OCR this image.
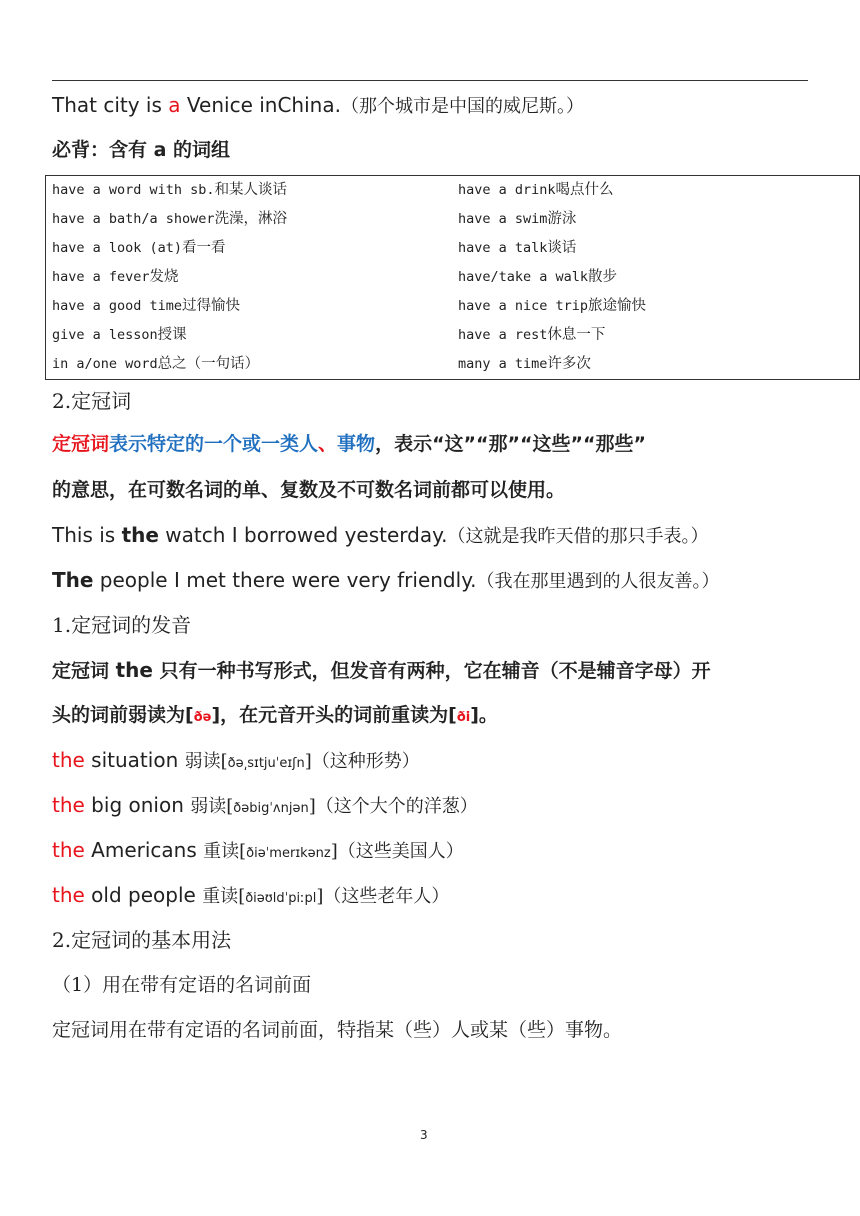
That city is a Venice inChina.（那个城市是中国的威尼斯。）
必背：含有 a 的词组
have a word with sb.和某人谈话	have a drink喝点什么
have a bath/a shower洗澡，淋浴	have a swim游泳
have a look (at)看一看	have a talk谈话
have a fever发烧	have/take a walk散步
have a good time过得愉快	have a nice trip旅途愉快
give a lesson授课	have a rest休息一下
in a/one word总之（一句话）	many a time许多次
2.定冠词
定冠词表示特定的一个或一类人、事物，表示“这”“那”“这些”“那些”
的意思，在可数名词的单、复数及不可数名词前都可以使用。
This is the watch I borrowed yesterday.（这就是我昨天借的那只手表。）
The people I met there were very friendly.（我在那里遇到的人很友善。）
1.定冠词的发音
定冠词 the 只有一种书写形式，但发音有两种，它在辅音（不是辅音字母）开
头的词前弱读为[ðə]，在元音开头的词前重读为[ði]。
the situation 弱读[ðə͵sɪtjuˈeɪʃn]（这种形势）
the big onion 弱读[ðəbigˈʌnjən]（这个大个的洋葱）
the Americans 重读[ðiəˈmerɪkənz]（这些美国人）
the old people 重读[ðiəʊldˈpiːpl]（这些老年人）
2.定冠词的基本用法
（1）用在带有定语的名词前面
定冠词用在带有定语的名词前面，特指某（些）人或某（些）事物。
3
